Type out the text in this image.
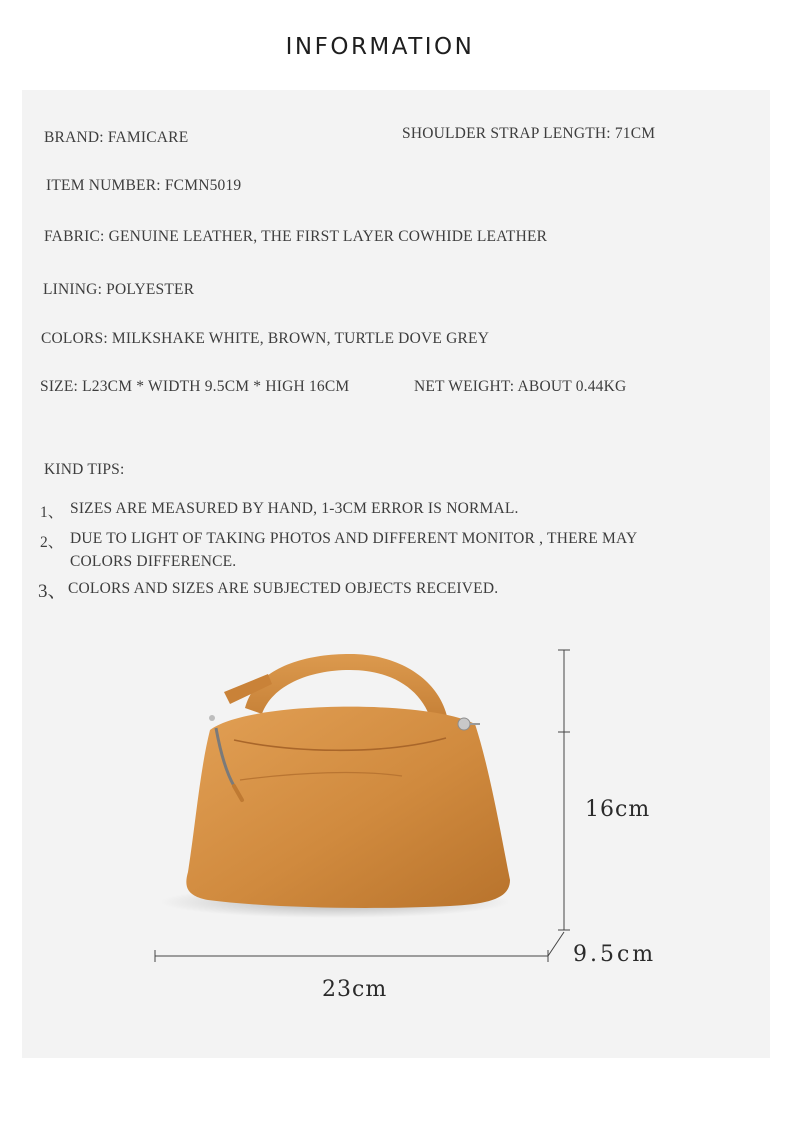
INFORMATION
BRAND: FAMICARE	SHOULDER STRAP LENGTH: 71CM
ITEM NUMBER: FCMN5019
FABRIC: GENUINE LEATHER, THE FIRST LAYER COWHIDE LEATHER
LINING: POLYESTER
COLORS: MILKSHAKE WHITE, BROWN, TURTLE DOVE GREY
SIZE: L23CM * WIDTH 9.5CM * HIGH 16CM	NET WEIGHT: ABOUT 0.44KG
KIND TIPS:
1、 SIZES ARE MEASURED BY HAND, 1-3CM ERROR IS NORMAL.
2、 DUE TO LIGHT OF TAKING PHOTOS AND DIFFERENT MONITOR , THERE MAY
COLORS DIFFERENCE.
3、 COLORS AND SIZES ARE SUBJECTED OBJECTS RECEIVED.
16cm
9.5cm
23cm
